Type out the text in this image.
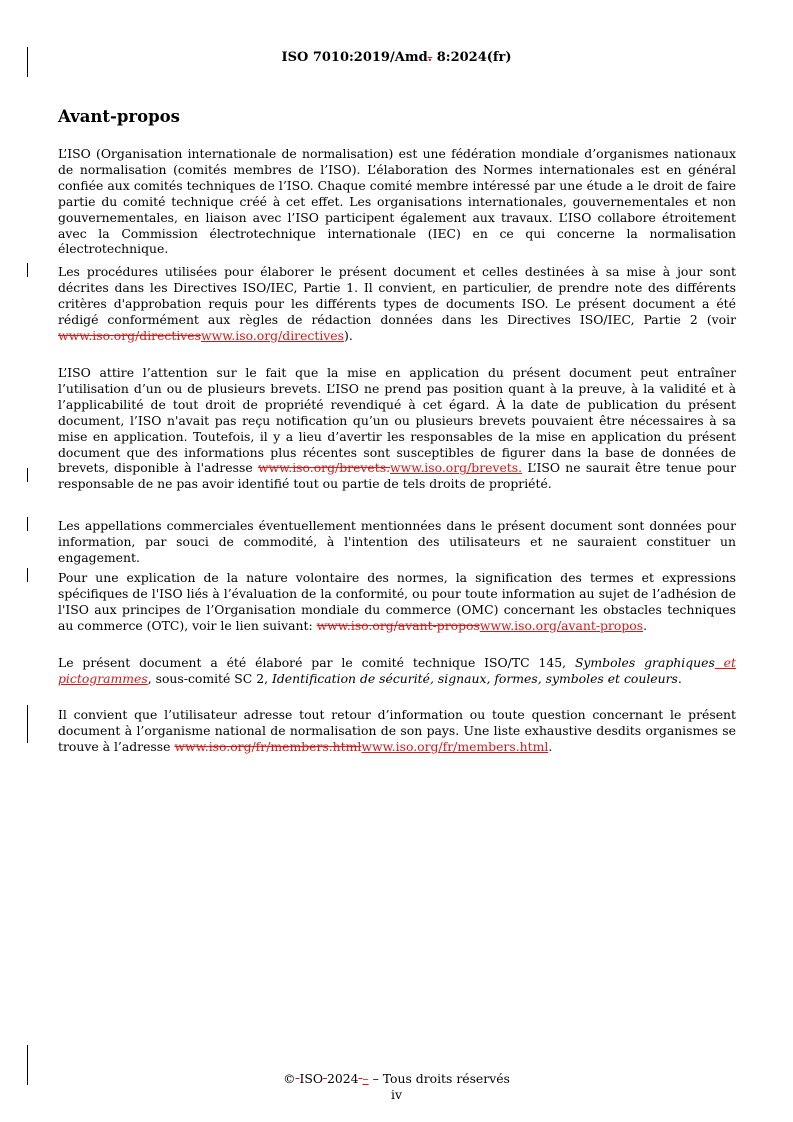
ISO 7010:2019/Amd. 8:2024(fr)
Avant-propos

L’ISO (Organisation internationale de normalisation) est une fédération mondiale d’organismes nationaux de normalisation (comités membres de l’ISO). L’élaboration des Normes internationales est en général confiée aux comités techniques de l’ISO. Chaque comité membre intéressé par une étude a le droit de faire partie du comité technique créé à cet effet. Les organisations internationales, gouvernementales et non gouvernementales, en liaison avec l’ISO participent également aux travaux. L’ISO collabore étroitement avec la Commission électrotechnique internationale (IEC) en ce qui concerne la normalisation électrotechnique.

Les procédures utilisées pour élaborer le présent document et celles destinées à sa mise à jour sont décrites dans les Directives ISO/IEC, Partie 1. Il convient, en particulier, de prendre note des différents critères d'approbation requis pour les différents types de documents ISO. Le présent document a été rédigé conformément aux règles de rédaction données dans les Directives ISO/IEC, Partie 2 (voir www.iso.org/directiveswww.iso.org/directives).

L’ISO attire l’attention sur le fait que la mise en application du présent document peut entraîner l’utilisation d’un ou de plusieurs brevets. L’ISO ne prend pas position quant à la preuve, à la validité et à l’applicabilité de tout droit de propriété revendiqué à cet égard. À la date de publication du présent document, l’ISO n'avait pas reçu notification qu’un ou plusieurs brevets pouvaient être nécessaires à sa mise en application. Toutefois, il y a lieu d’avertir les responsables de la mise en application du présent document que des informations plus récentes sont susceptibles de figurer dans la base de données de brevets, disponible à l'adresse www.iso.org/brevets.www.iso.org/brevets. L’ISO ne saurait être tenue pour responsable de ne pas avoir identifié tout ou partie de tels droits de propriété.

Les appellations commerciales éventuellement mentionnées dans le présent document sont données pour information, par souci de commodité, à l'intention des utilisateurs et ne sauraient constituer un engagement.

Pour une explication de la nature volontaire des normes, la signification des termes et expressions spécifiques de l'ISO liés à l’évaluation de la conformité, ou pour toute information au sujet de l’adhésion de l'ISO aux principes de l’Organisation mondiale du commerce (OMC) concernant les obstacles techniques au commerce (OTC), voir le lien suivant: www.iso.org/avant-proposwww.iso.org/avant-propos.

Le présent document a été élaboré par le comité technique ISO/TC 145, Symboles graphiques et pictogrammes, sous-comité SC 2, Identification de sécurité, signaux, formes, symboles et couleurs.

Il convient que l’utilisateur adresse tout retour d’information ou toute question concernant le présent document à l’organisme national de normalisation de son pays. Une liste exhaustive desdits organismes se trouve à l’adresse www.iso.org/fr/members.htmlwww.iso.org/fr/members.html.

© ISO 2024 – – Tous droits réservés
iv
